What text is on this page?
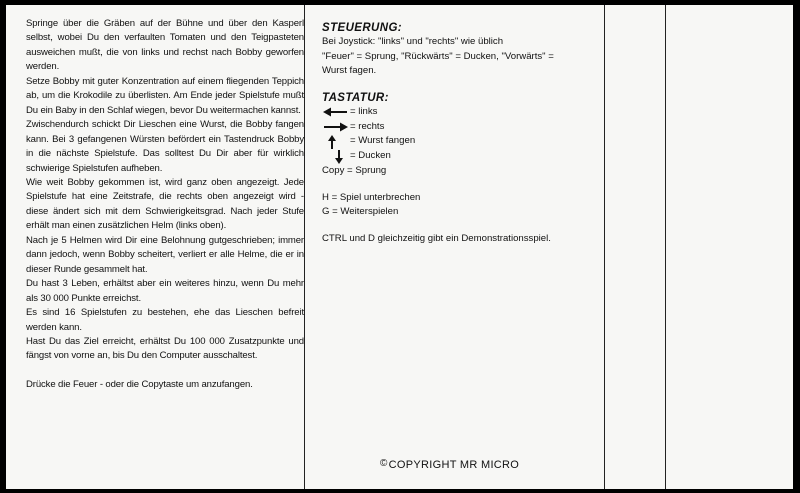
Springe über die Gräben auf der Bühne und über den Kasperl selbst, wobei Du den verfaulten Tomaten und den Teigpasteten ausweichen mußt, die von links und rechst nach Bobby geworfen werden.

Setze Bobby mit guter Konzentration auf einem fliegenden Teppich ab, um die Krokodile zu überlisten. Am Ende jeder Spielstufe mußt Du ein Baby in den Schlaf wiegen, bevor Du weitermachen kannst.

Zwischendurch schickt Dir Lieschen eine Wurst, die Bobby fangen kann. Bei 3 gefangenen Würsten befördert ein Tastendruck Bobby in die nächste Spielstufe. Das solltest Du Dir aber für wirklich schwierige Spielstufen aufheben.

Wie weit Bobby gekommen ist, wird ganz oben angezeigt. Jede Spielstufe hat eine Zeitstrafe, die rechts oben angezeigt wird - diese ändert sich mit dem Schwierigkeitsgrad. Nach jeder Stufe erhält man einen zusätzlichen Helm (links oben).

Nach je 5 Helmen wird Dir eine Belohnung gutgeschrieben; immer dann jedoch, wenn Bobby scheitert, verliert er alle Helme, die er in dieser Runde gesammelt hat.

Du hast 3 Leben, erhältst aber ein weiteres hinzu, wenn Du mehr als 30 000 Punkte erreichst.

Es sind 16 Spielstufen zu bestehen, ehe das Lieschen befreit werden kann.

Hast Du das Ziel erreicht, erhältst Du 100 000 Zusatzpunkte und fängst von vorne an, bis Du den Computer ausschaltest.

Drücke die Feuer - oder die Copytaste um anzufangen.

STEUERUNG:
Bei Joystick: "links" und "rechts" wie üblich
"Feuer" = Sprung, "Rückwärts" = Ducken, "Vorwärts" =
Wurst fagen.
TASTATUR:
= links
= rechts
= Wurst fangen
= Ducken
Copy = Sprung
H = Spiel unterbrechen
G = Weiterspielen
CTRL und D gleichzeitig gibt ein Demonstrationsspiel.
©COPYRIGHT MR MICRO
